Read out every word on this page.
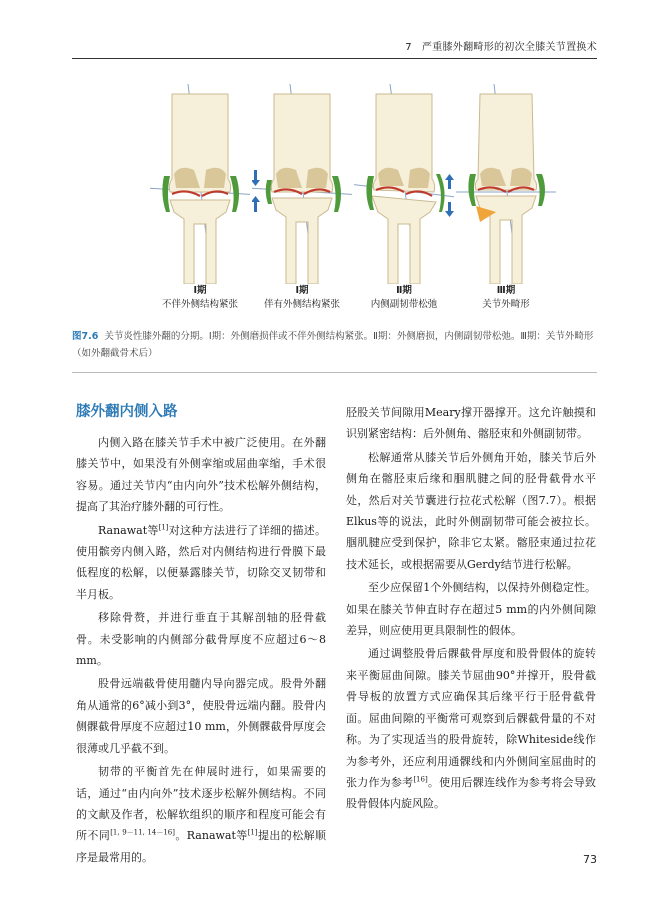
7 严重膝外翻畸形的初次全膝关节置换术
Ⅰ期
不伴外侧结构紧张
Ⅰ期
伴有外侧结构紧张
Ⅱ期
内侧副韧带松弛
Ⅲ期
关节外畸形
图7.6 关节炎性膝外翻的分期。Ⅰ期：外侧磨损伴或不伴外侧结构紧张。Ⅱ期：外侧磨损，内侧副韧带松弛。Ⅲ期：关节外畸形（如外翻截骨术后）
膝外翻内侧入路

内侧入路在膝关节手术中被广泛使用。在外翻膝关节中，如果没有外侧挛缩或屈曲挛缩，手术很容易。通过关节内“由内向外”技术松解外侧结构，提高了其治疗膝外翻的可行性。

Ranawat等[1]对这种方法进行了详细的描述。使用髌旁内侧入路，然后对内侧结构进行骨膜下最低程度的松解，以便暴露膝关节，切除交叉韧带和半月板。

移除骨赘，并进行垂直于其解剖轴的胫骨截骨。未受影响的内侧部分截骨厚度不应超过6～8 mm。

股骨远端截骨使用髓内导向器完成。股骨外翻角从通常的6°减小到3°，使股骨远端内翻。股骨内侧髁截骨厚度不应超过10 mm，外侧髁截骨厚度会很薄或几乎截不到。

韧带的平衡首先在伸展时进行，如果需要的话，通过“由内向外”技术逐步松解外侧结构。不同的文献及作者，松解软组织的顺序和程度可能会有所不同[1, 9－11, 14－16]。Ranawat等[1]提出的松解顺序是最常用的。

胫股关节间隙用Meary撑开器撑开。这允许触摸和识别紧密结构：后外侧角、髂胫束和外侧副韧带。

松解通常从膝关节后外侧角开始，膝关节后外侧角在髂胫束后缘和腘肌腱之间的胫骨截骨水平处，然后对关节囊进行拉花式松解（图7.7）。根据Elkus等的说法，此时外侧副韧带可能会被拉长。腘肌腱应受到保护，除非它太紧。髂胫束通过拉花技术延长，或根据需要从Gerdy结节进行松解。

至少应保留1个外侧结构，以保持外侧稳定性。如果在膝关节伸直时存在超过5 mm的内外侧间隙差异，则应使用更具限制性的假体。

通过调整股骨后髁截骨厚度和股骨假体的旋转来平衡屈曲间隙。膝关节屈曲90°并撑开，股骨截骨导板的放置方式应确保其后缘平行于胫骨截骨面。屈曲间隙的平衡常可观察到后髁截骨量的不对称。为了实现适当的股骨旋转，除Whiteside线作为参考外，还应利用通髁线和内外侧间室屈曲时的张力作为参考[16]。使用后髁连线作为参考将会导致股骨假体内旋风险。

73
